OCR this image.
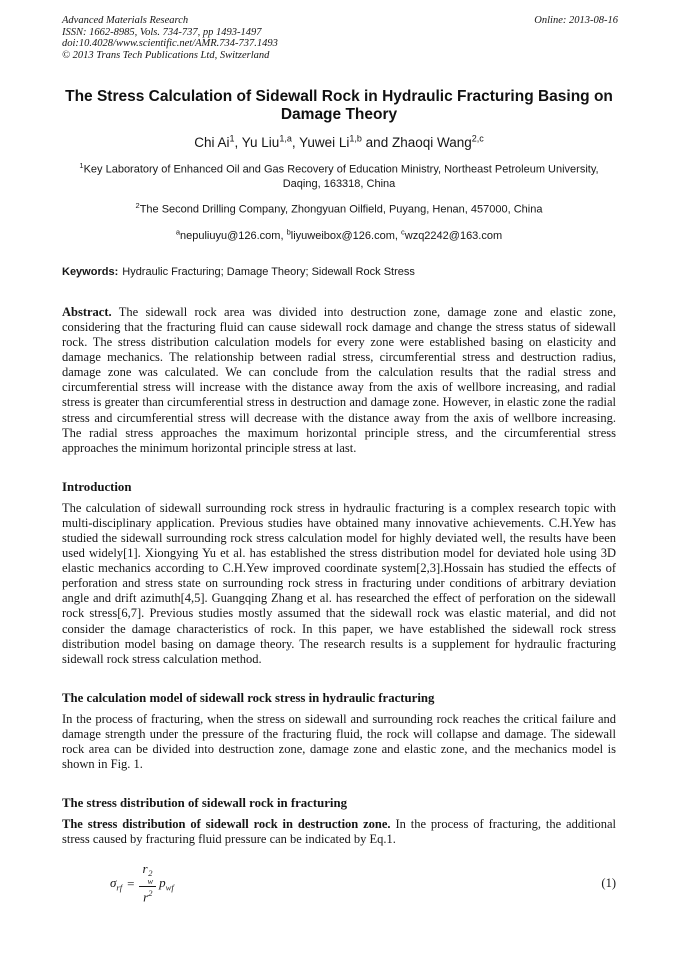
Advanced Materials Research
ISSN: 1662-8985, Vols. 734-737, pp 1493-1497
doi:10.4028/www.scientific.net/AMR.734-737.1493
© 2013 Trans Tech Publications Ltd, Switzerland
Online: 2013-08-16
The Stress Calculation of Sidewall Rock in Hydraulic Fracturing Basing on Damage Theory
Chi Ai$^1$, Yu Liu$^{1,a}$, Yuwei Li$^{1,b}$ and Zhaoqi Wang$^{2,c}$
$^1$Key Laboratory of Enhanced Oil and Gas Recovery of Education Ministry, Northeast Petroleum University, Daqing, 163318, China
$^2$The Second Drilling Company, Zhongyuan Oilfield, Puyang, Henan, 457000, China
$^a$nepuliuyu@126.com, $^b$liyuweibox@126.com, $^c$wzq2242@163.com
Keywords: Hydraulic Fracturing; Damage Theory; Sidewall Rock Stress
Abstract. The sidewall rock area was divided into destruction zone, damage zone and elastic zone, considering that the fracturing fluid can cause sidewall rock damage and change the stress status of sidewall rock. The stress distribution calculation models for every zone were established basing on elasticity and damage mechanics. The relationship between radial stress, circumferential stress and destruction radius, damage zone was calculated. We can conclude from the calculation results that the radial stress and circumferential stress will increase with the distance away from the axis of wellbore increasing, and radial stress is greater than circumferential stress in destruction and damage zone. However, in elastic zone the radial stress and circumferential stress will decrease with the distance away from the axis of wellbore increasing. The radial stress approaches the maximum horizontal principle stress, and the circumferential stress approaches the minimum horizontal principle stress at last.
Introduction
The calculation of sidewall surrounding rock stress in hydraulic fracturing is a complex research topic with multi-disciplinary application. Previous studies have obtained many innovative achievements. C.H.Yew has studied the sidewall surrounding rock stress calculation model for highly deviated well, the results have been used widely[1]. Xiongying Yu et al. has established the stress distribution model for deviated hole using 3D elastic mechanics according to C.H.Yew improved coordinate system[2,3].Hossain has studied the effects of perforation and stress state on surrounding rock stress in fracturing under conditions of arbitrary deviation angle and drift azimuth[4,5]. Guangqing Zhang et al. has researched the effect of perforation on the sidewall rock stress[6,7]. Previous studies mostly assumed that the sidewall rock was elastic material, and did not consider the damage characteristics of rock. In this paper, we have established the sidewall rock stress distribution model basing on damage theory. The research results is a supplement for hydraulic fracturing sidewall rock stress calculation method.
The calculation model of sidewall rock stress in hydraulic fracturing
In the process of fracturing, when the stress on sidewall and surrounding rock reaches the critical failure and damage strength under the pressure of the fracturing fluid, the rock will collapse and damage. The sidewall rock area can be divided into destruction zone, damage zone and elastic zone, and the mechanics model is shown in Fig. 1.
The stress distribution of sidewall rock in fracturing
The stress distribution of sidewall rock in destruction zone. In the process of fracturing, the additional stress caused by fracturing fluid pressure can be indicated by Eq.1.
$\sigma_{rf} = r$ 2
w
$r^2$ $p_{wf}$	(1)
